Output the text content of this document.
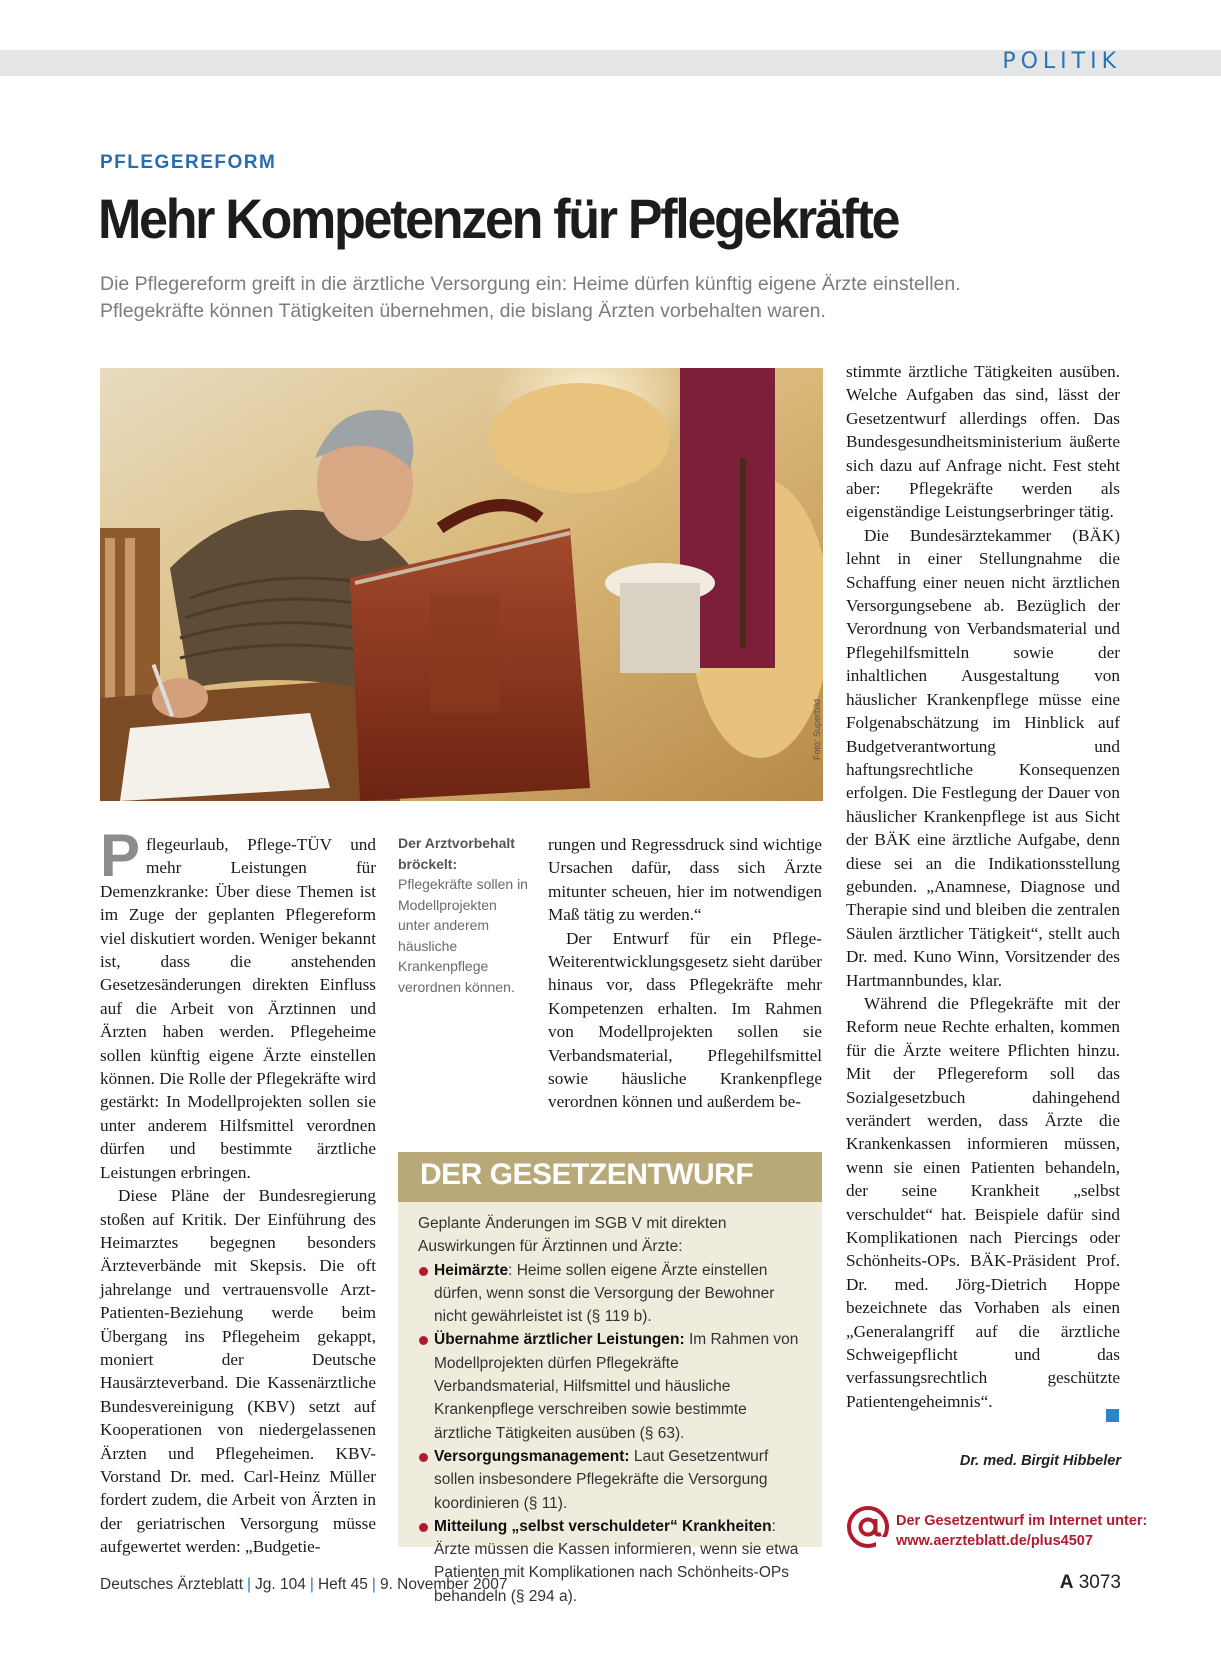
POLITIK
PFLEGEREFORM
Mehr Kompetenzen für Pflegekräfte
Die Pflegereform greift in die ärztliche Versorgung ein: Heime dürfen künftig eigene Ärzte einstellen.
Pflegekräfte können Tätigkeiten übernehmen, die bislang Ärzten vorbehalten waren.
Foto: Superbild

Pflegeurlaub, Pflege-TÜV und mehr Leistungen für Demenzkranke: Über diese Themen ist im Zuge der geplanten Pflegereform viel diskutiert worden. Weniger bekannt ist, dass die anstehenden Gesetzesänderungen direkten Einfluss auf die Arbeit von Ärztinnen und Ärzten haben werden. Pflegeheime sollen künftig eigene Ärzte einstellen können. Die Rolle der Pflegekräfte wird gestärkt: In Modellprojekten sollen sie unter anderem Hilfsmittel verordnen dürfen und bestimmte ärztliche Leistungen erbringen.

Diese Pläne der Bundesregierung stoßen auf Kritik. Der Einführung des Heimarztes begegnen besonders Ärzteverbände mit Skepsis. Die oft jahrelange und vertrauensvolle Arzt-Patienten-Beziehung werde beim Übergang ins Pflegeheim gekappt, moniert der Deutsche Hausärzteverband. Die Kassenärztliche Bundesvereinigung (KBV) setzt auf Kooperationen von niedergelassenen Ärzten und Pflegeheimen. KBV-Vorstand Dr. med. Carl-Heinz Müller fordert zudem, die Arbeit von Ärzten in der geriatrischen Versorgung müsse aufgewertet werden: „Budgetie-

Der Arztvorbehalt bröckelt: Pflegekräfte sollen in Modellprojekten unter anderem häusliche Krankenpflege verordnen können.

rungen und Regressdruck sind wichtige Ursachen dafür, dass sich Ärzte mitunter scheuen, hier im notwendigen Maß tätig zu werden.“

Der Entwurf für ein Pflege-Weiterentwicklungsgesetz sieht darüber hinaus vor, dass Pflegekräfte mehr Kompetenzen erhalten. Im Rahmen von Modellprojekten sollen sie Verbandsmaterial, Pflegehilfsmittel sowie häusliche Krankenpflege verordnen können und außerdem be-

DER GESETZENTWURF
Geplante Änderungen im SGB V mit direkten Auswirkungen für Ärztinnen und Ärzte:
Heimärzte: Heime sollen eigene Ärzte einstellen dürfen, wenn sonst die Versorgung der Bewohner nicht gewährleistet ist (§ 119 b).
Übernahme ärztlicher Leistungen: Im Rahmen von Modellprojekten dürfen Pflegekräfte Verbandsmaterial, Hilfsmittel und häusliche Krankenpflege verschreiben sowie bestimmte ärztliche Tätigkeiten ausüben (§ 63).
Versorgungsmanagement: Laut Gesetzentwurf sollen insbesondere Pflegekräfte die Versorgung koordinieren (§ 11).
Mitteilung „selbst verschuldeter“ Krankheiten: Ärzte müssen die Kassen informieren, wenn sie etwa Patienten mit Komplikationen nach Schönheits-OPs behandeln (§ 294 a).

stimmte ärztliche Tätigkeiten ausüben. Welche Aufgaben das sind, lässt der Gesetzentwurf allerdings offen. Das Bundesgesundheitsministerium äußerte sich dazu auf Anfrage nicht. Fest steht aber: Pflegekräfte werden als eigenständige Leistungserbringer tätig.

Die Bundesärztekammer (BÄK) lehnt in einer Stellungnahme die Schaffung einer neuen nicht ärztlichen Versorgungsebene ab. Bezüglich der Verordnung von Verbandsmaterial und Pflegehilfsmitteln sowie der inhaltlichen Ausgestaltung von häuslicher Krankenpflege müsse eine Folgenabschätzung im Hinblick auf Budgetverantwortung und haftungsrechtliche Konsequenzen erfolgen. Die Festlegung der Dauer von häuslicher Krankenpflege ist aus Sicht der BÄK eine ärztliche Aufgabe, denn diese sei an die Indikationsstellung gebunden. „Anamnese, Diagnose und Therapie sind und bleiben die zentralen Säulen ärztlicher Tätigkeit“, stellt auch Dr. med. Kuno Winn, Vorsitzender des Hartmannbundes, klar.

Während die Pflegekräfte mit der Reform neue Rechte erhalten, kommen für die Ärzte weitere Pflichten hinzu. Mit der Pflegereform soll das Sozialgesetzbuch dahingehend verändert werden, dass Ärzte die Krankenkassen informieren müssen, wenn sie einen Patienten behandeln, der seine Krankheit „selbst verschuldet“ hat. Beispiele dafür sind Komplikationen nach Piercings oder Schönheits-OPs. BÄK-Präsident Prof. Dr. med. Jörg-Dietrich Hoppe bezeichnete das Vorhaben als einen „Generalangriff auf die ärztliche Schweigepflicht und das verfassungsrechtlich geschützte Patientengeheimnis“.

Dr. med. Birgit Hibbeler
Der Gesetzentwurf im Internet unter:
www.aerzteblatt.de/plus4507
Deutsches Ärzteblatt | Jg. 104 | Heft 45 | 9. November 2007	A 3073
